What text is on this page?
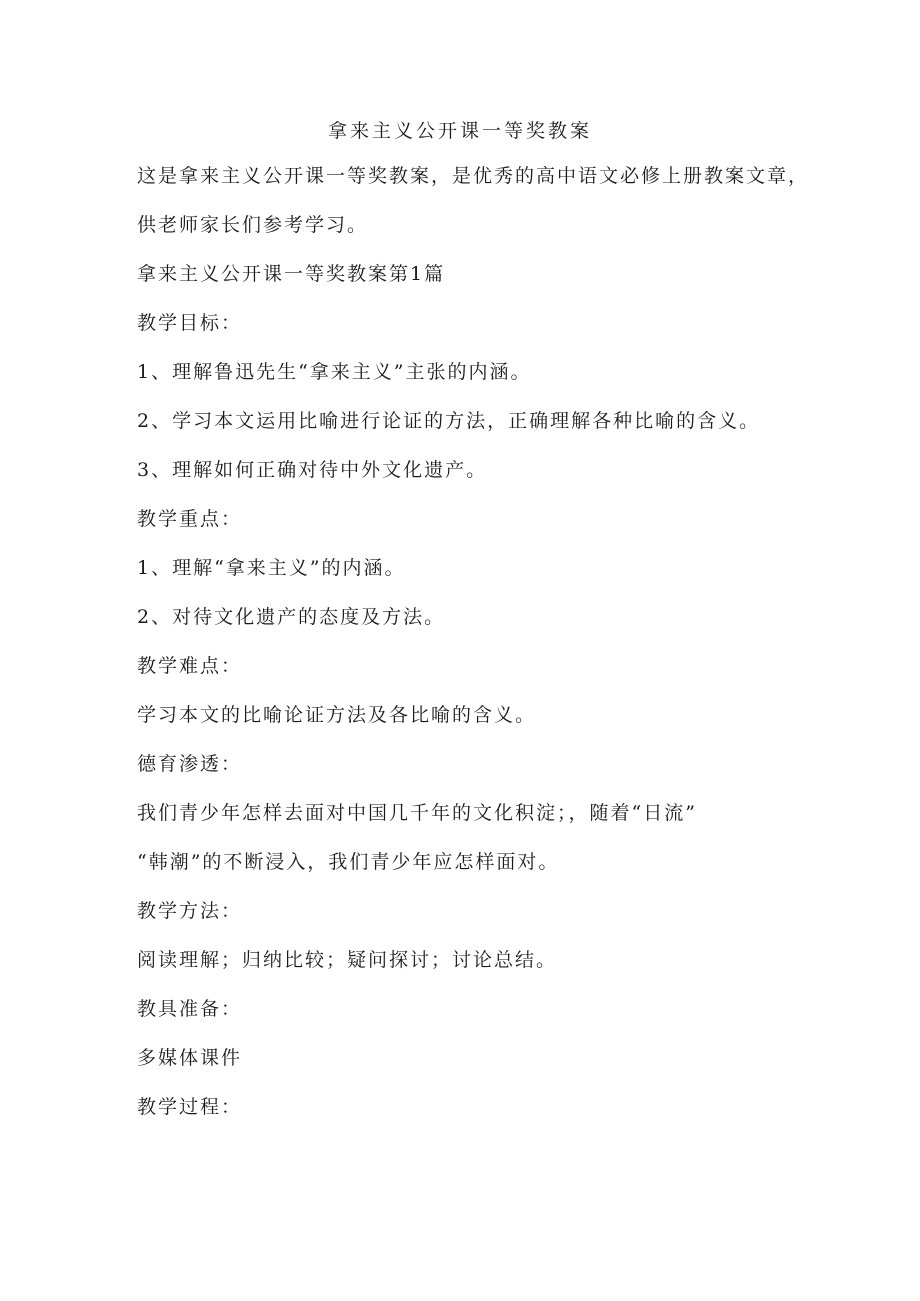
拿来主义公开课一等奖教案
这是拿来主义公开课一等奖教案，是优秀的高中语文必修上册教案文章，
供老师家长们参考学习。
拿来主义公开课一等奖教案第1篇
教学目标：
1、理解鲁迅先生“拿来主义”主张的内涵。
2、学习本文运用比喻进行论证的方法，正确理解各种比喻的含义。
3、理解如何正确对待中外文化遗产。
教学重点：
1、理解“拿来主义”的内涵。
2、对待文化遗产的态度及方法。
教学难点：
学习本文的比喻论证方法及各比喻的含义。
德育渗透：
我们青少年怎样去面对中国几千年的文化积淀；，随着“日流”
“韩潮”的不断浸入，我们青少年应怎样面对。
教学方法：
阅读理解；归纳比较；疑问探讨；讨论总结。
教具准备：
多媒体课件
教学过程：
